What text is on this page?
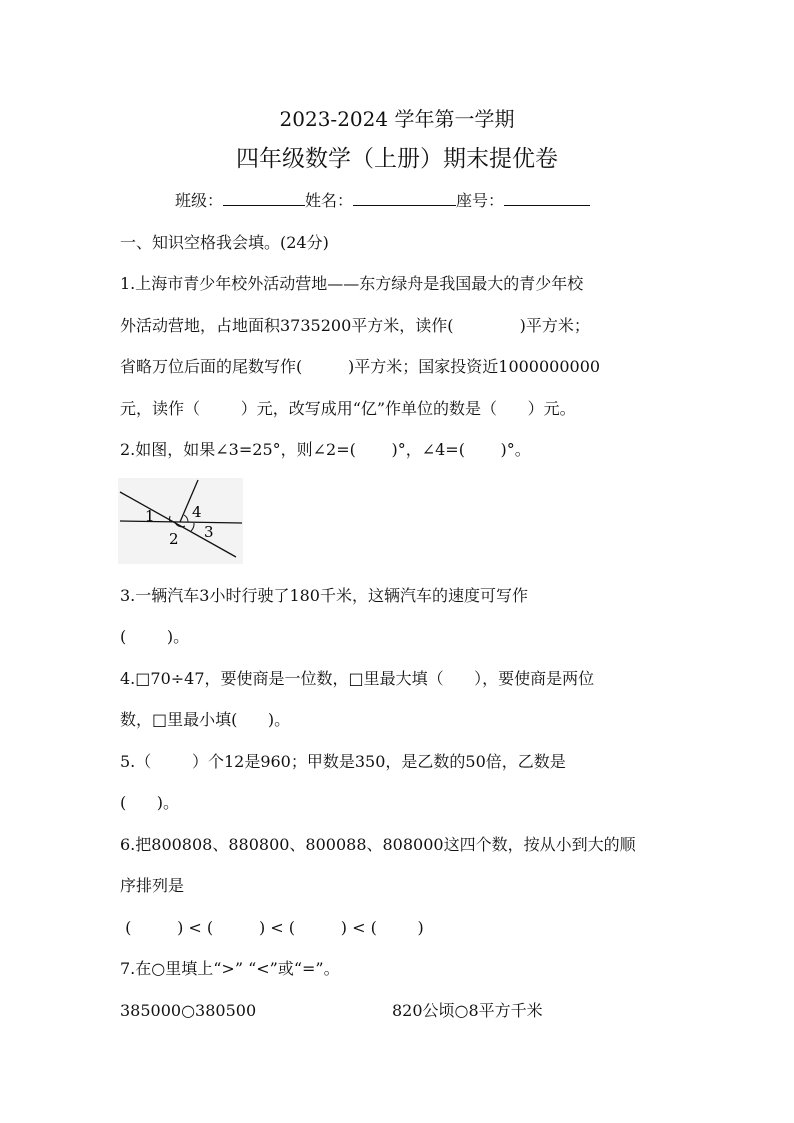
2023-2024 学年第一学期
四年级数学（上册）期末提优卷
班级：	姓名：	座号：
一、知识空格我会填。(24分)
1.上海市青少年校外活动营地——东方绿舟是我国最大的青少年校
外活动营地，占地面积3735200平方米，读作(             )平方米；
省略万位后面的尾数写作(         )平方米；国家投资近1000000000
元，读作（        ）元，改写成用“亿”作单位的数是（      ）元。
2.如图，如果∠3=25°，则∠2=(       )°，∠4=(       )°。
1 4
2 3
3.一辆汽车3小时行驶了180千米，这辆汽车的速度可写作
(        )。
4.□70÷47，要使商是一位数，□里最大填（      ），要使商是两位
数，□里最小填(      )。
5.（        ）个12是960；甲数是350，是乙数的50倍，乙数是
(      )。
6.把800808、880800、800088、808000这四个数，按从小到大的顺
序排列是
(         ) < (         ) < (         ) < (        )
7.在○里填上“>” “<”或“=”。
385000○380500	820公顷○8平方千米
